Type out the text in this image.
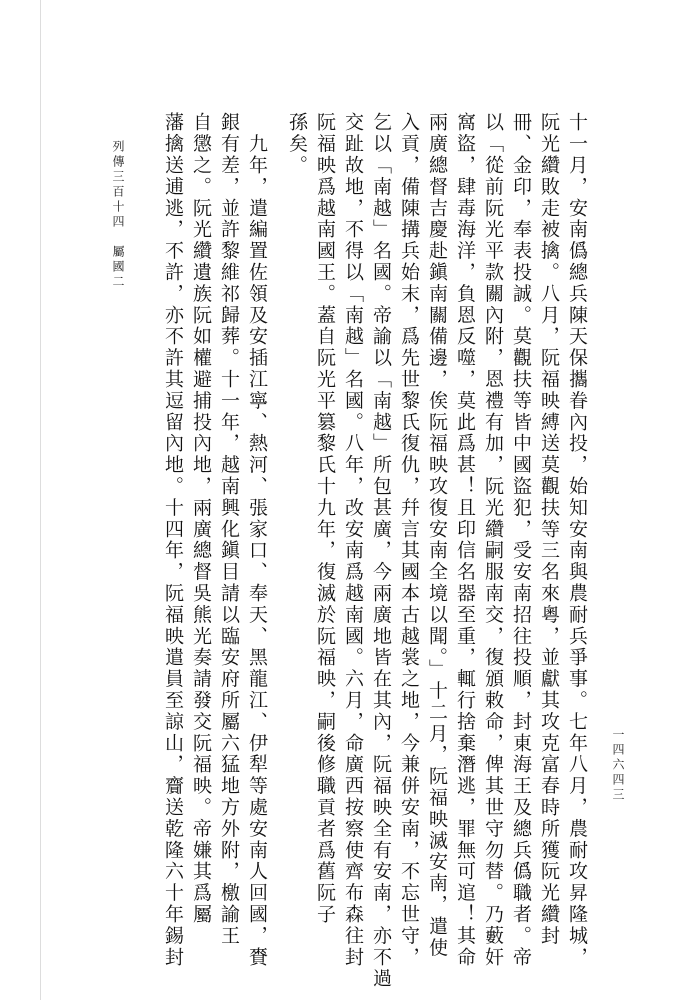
十一月，安南僞總兵陳天保攜眷內投，始知安南與農耐兵爭事。七年八月，農耐攻昇隆城，
阮光纘敗走被擒。八月，阮福映縛送莫觀扶等三名來粵，並獻其攻克富春時所獲阮光纘封
冊、金印，奉表投誠。莫觀扶等皆中國盜犯，受安南招往投順，封東海王及總兵僞職者。帝
以「從前阮光平款關內附，恩禮有加，阮光纘嗣服南交，復頒敕命，俾其世守勿替。乃藪奸
窩盜，肆毒海洋，負恩反噬，莫此爲甚！且印信名器至重，輒行捨棄潛逃，罪無可逭！其命
兩廣總督吉慶赴鎭南關備邊，俟阮福映攻復安南全境以聞。」十二月，阮福映滅安南，遣使
入貢，備陳搆兵始末，爲先世黎氏復仇，幷言其國本古越裳之地，今兼併安南，不忘世守，
乞以「南越」名國。帝諭以「南越」所包甚廣，今兩廣地皆在其內，阮福映全有安南，亦不過
交趾故地，不得以「南越」名國。八年，改安南爲越南國。六月，命廣西按察使齊布森往封
阮福映爲越南國王。蓋自阮光平篡黎氏十九年，復滅於阮福映，嗣後修職貢者爲舊阮子
孫矣。
　九年，遣編置佐領及安插江寧、熱河、張家口、奉天、黑龍江、伊犁等處安南人回國，賚
銀有差，並許黎維祁歸葬。十一年，越南興化鎭目請以臨安府所屬六猛地方外附，檄諭王
自懲之。阮光纘遺族阮如權避捕投內地，兩廣總督吳熊光奏請發交阮福映。帝嫌其爲屬
藩擒送逋逃，不許，亦不許其逗留內地。十四年，阮福映遣員至諒山，齎送乾隆六十年錫封
列傳三百十四　屬國二
一四六四三
